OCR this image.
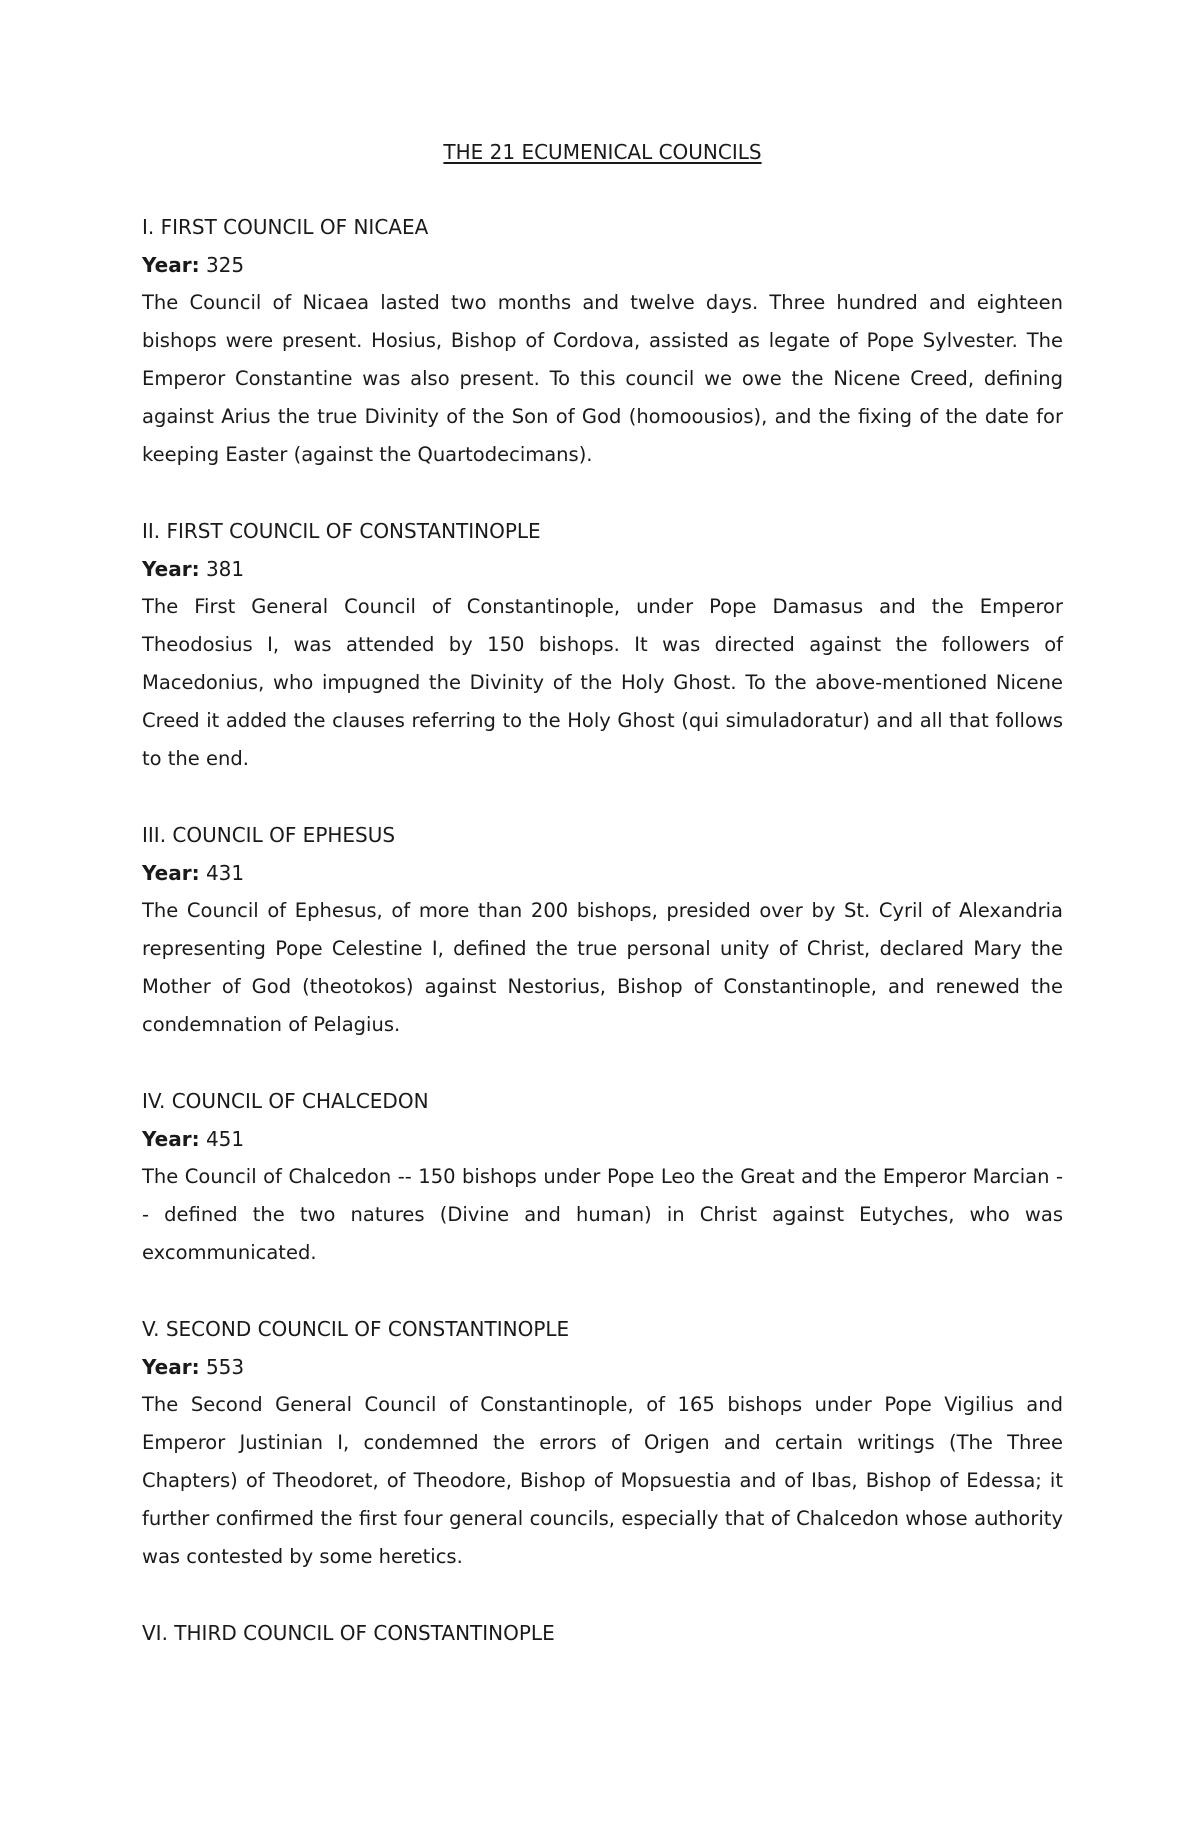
THE 21 ECUMENICAL COUNCILS

I. FIRST COUNCIL OF NICAEA

Year: 325

The Council of Nicaea lasted two months and twelve days. Three hundred and eighteen bishops were present. Hosius, Bishop of Cordova, assisted as legate of Pope Sylvester. The Emperor Constantine was also present. To this council we owe the Nicene Creed, defining against Arius the true Divinity of the Son of God (homoousios), and the fixing of the date for keeping Easter (against the Quartodecimans).

II. FIRST COUNCIL OF CONSTANTINOPLE

Year: 381

The First General Council of Constantinople, under Pope Damasus and the Emperor Theodosius I, was attended by 150 bishops. It was directed against the followers of Macedonius, who impugned the Divinity of the Holy Ghost. To the above-mentioned Nicene Creed it added the clauses referring to the Holy Ghost (qui simuladoratur) and all that follows to the end.

III. COUNCIL OF EPHESUS

Year: 431

The Council of Ephesus, of more than 200 bishops, presided over by St. Cyril of Alexandria representing Pope Celestine I, defined the true personal unity of Christ, declared Mary the Mother of God (theotokos) against Nestorius, Bishop of Constantinople, and renewed the condemnation of Pelagius.

IV. COUNCIL OF CHALCEDON

Year: 451

The Council of Chalcedon -- 150 bishops under Pope Leo the Great and the Emperor Marcian -- defined the two natures (Divine and human) in Christ against Eutyches, who was excommunicated.

V. SECOND COUNCIL OF CONSTANTINOPLE

Year: 553

The Second General Council of Constantinople, of 165 bishops under Pope Vigilius and Emperor Justinian I, condemned the errors of Origen and certain writings (The Three Chapters) of Theodoret, of Theodore, Bishop of Mopsuestia and of Ibas, Bishop of Edessa; it further confirmed the first four general councils, especially that of Chalcedon whose authority was contested by some heretics.

VI. THIRD COUNCIL OF CONSTANTINOPLE
